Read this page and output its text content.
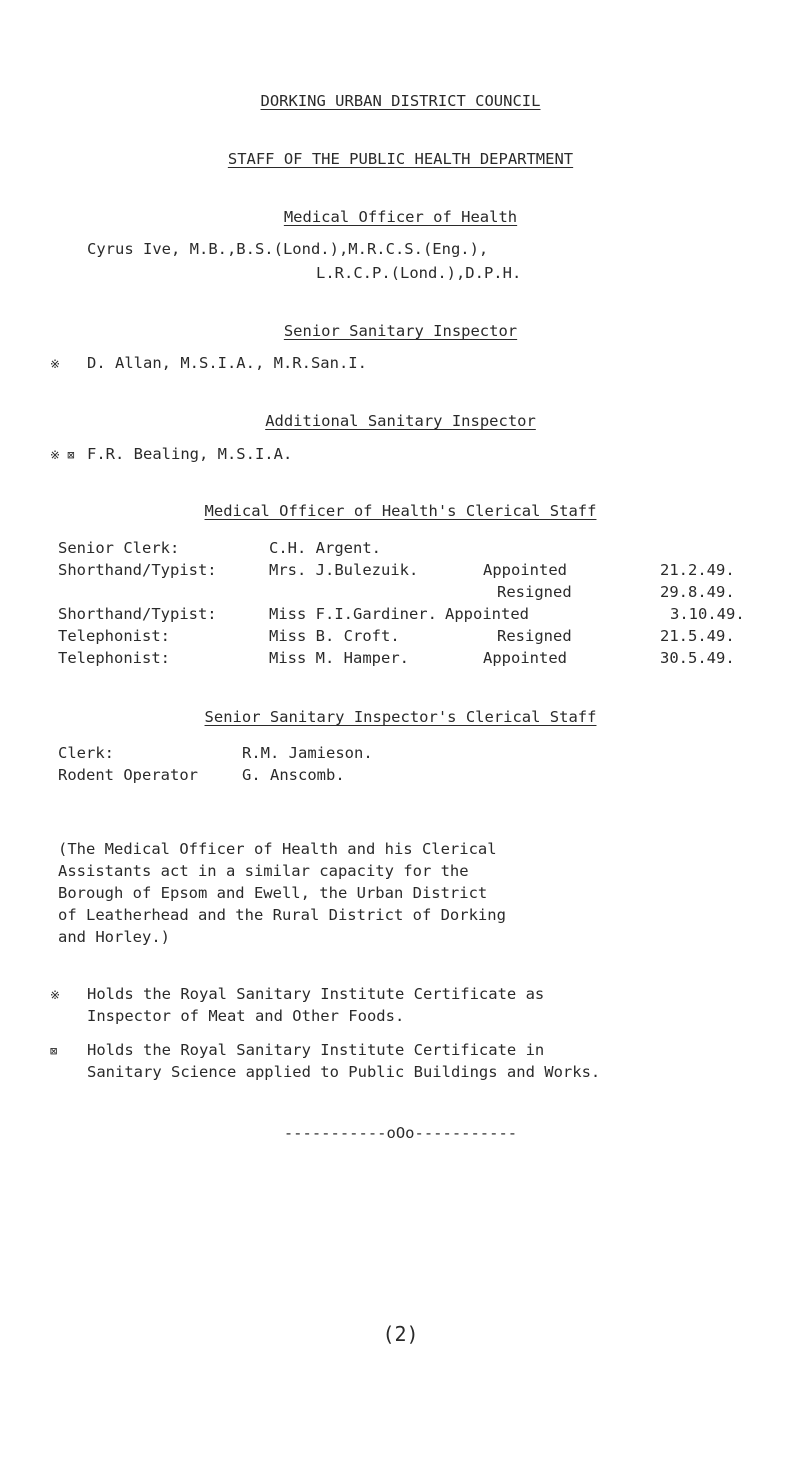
DORKING URBAN DISTRICT COUNCIL
STAFF OF THE PUBLIC HEALTH DEPARTMENT
Medical Officer of Health
Cyrus Ive, M.B.,B.S.(Lond.),M.R.C.S.(Eng.),
L.R.C.P.(Lond.),D.P.H.
Senior Sanitary Inspector
※ D. Allan, M.S.I.A., M.R.San.I.
Additional Sanitary Inspector
※ ⊠ F.R. Bealing, M.S.I.A.
Medical Officer of Health's Clerical Staff
Senior Clerk:	C.H. Argent.
Shorthand/Typist:	Mrs. J.Bulezuik.	Appointed	21.2.49.
Resigned	29.8.49.
Shorthand/Typist:	Miss F.I.Gardiner. Appointed	3.10.49.
Telephonist:	Miss B. Croft.	Resigned	21.5.49.
Telephonist:	Miss M. Hamper.	Appointed	30.5.49.
Senior Sanitary Inspector's Clerical Staff
Clerk:	R.M. Jamieson.
Rodent Operator	G. Anscomb.
(The Medical Officer of Health and his Clerical
Assistants act in a similar capacity for the
Borough of Epsom and Ewell, the Urban District
of Leatherhead and the Rural District of Dorking
and Horley.)
※ Holds the Royal Sanitary Institute Certificate as
Inspector of Meat and Other Foods.
⊠ Holds the Royal Sanitary Institute Certificate in
Sanitary Science applied to Public Buildings and Works.
-----------oOo-----------
(2)
